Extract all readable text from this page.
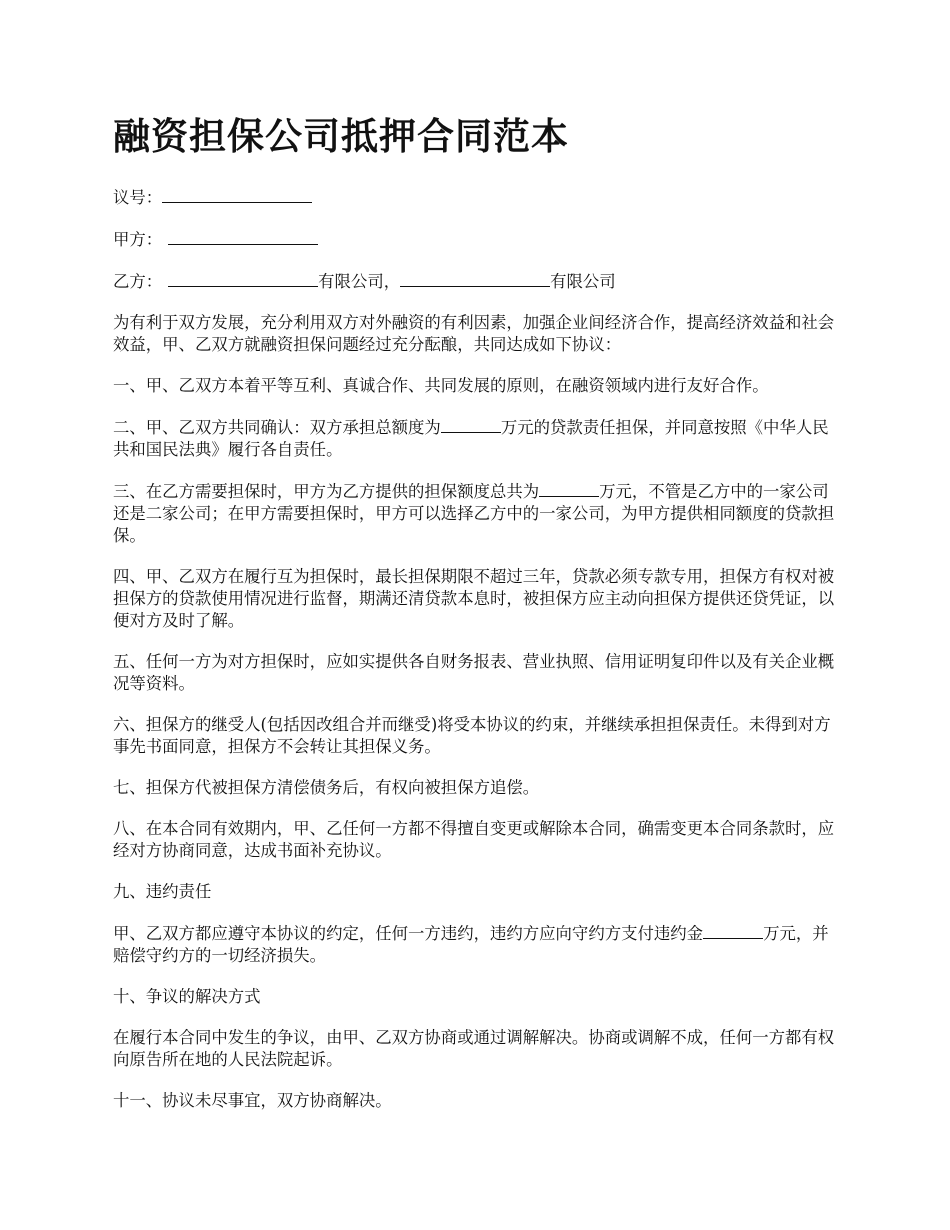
融资担保公司抵押合同范本
议号：
甲方：
乙方：	有限公司，	有限公司
为有利于双方发展，充分利用双方对外融资的有利因素，加强企业间经济合作，提高经济效益和社会效益，甲、乙双方就融资担保问题经过充分酝酿，共同达成如下协议：
一、甲、乙双方本着平等互利、真诚合作、共同发展的原则，在融资领域内进行友好合作。
二、甲、乙双方共同确认：双方承担总额度为	万元的贷款责任担保，并同意按照《中华人民共和国民法典》履行各自责任。
三、在乙方需要担保时，甲方为乙方提供的担保额度总共为	万元，不管是乙方中的一家公司还是二家公司；在甲方需要担保时，甲方可以选择乙方中的一家公司，为甲方提供相同额度的贷款担保。
四、甲、乙双方在履行互为担保时，最长担保期限不超过三年，贷款必须专款专用，担保方有权对被担保方的贷款使用情况进行监督，期满还清贷款本息时，被担保方应主动向担保方提供还贷凭证，以便对方及时了解。
五、任何一方为对方担保时，应如实提供各自财务报表、营业执照、信用证明复印件以及有关企业概况等资料。
六、担保方的继受人(包括因改组合并而继受)将受本协议的约束，并继续承担担保责任。未得到对方事先书面同意，担保方不会转让其担保义务。
七、担保方代被担保方清偿债务后，有权向被担保方追偿。
八、在本合同有效期内，甲、乙任何一方都不得擅自变更或解除本合同，确需变更本合同条款时，应经对方协商同意，达成书面补充协议。
九、违约责任
甲、乙双方都应遵守本协议的约定，任何一方违约，违约方应向守约方支付违约金	万元，并赔偿守约方的一切经济损失。
十、争议的解决方式
在履行本合同中发生的争议，由甲、乙双方协商或通过调解解决。协商或调解不成，任何一方都有权向原告所在地的人民法院起诉。
十一、协议未尽事宜，双方协商解决。
